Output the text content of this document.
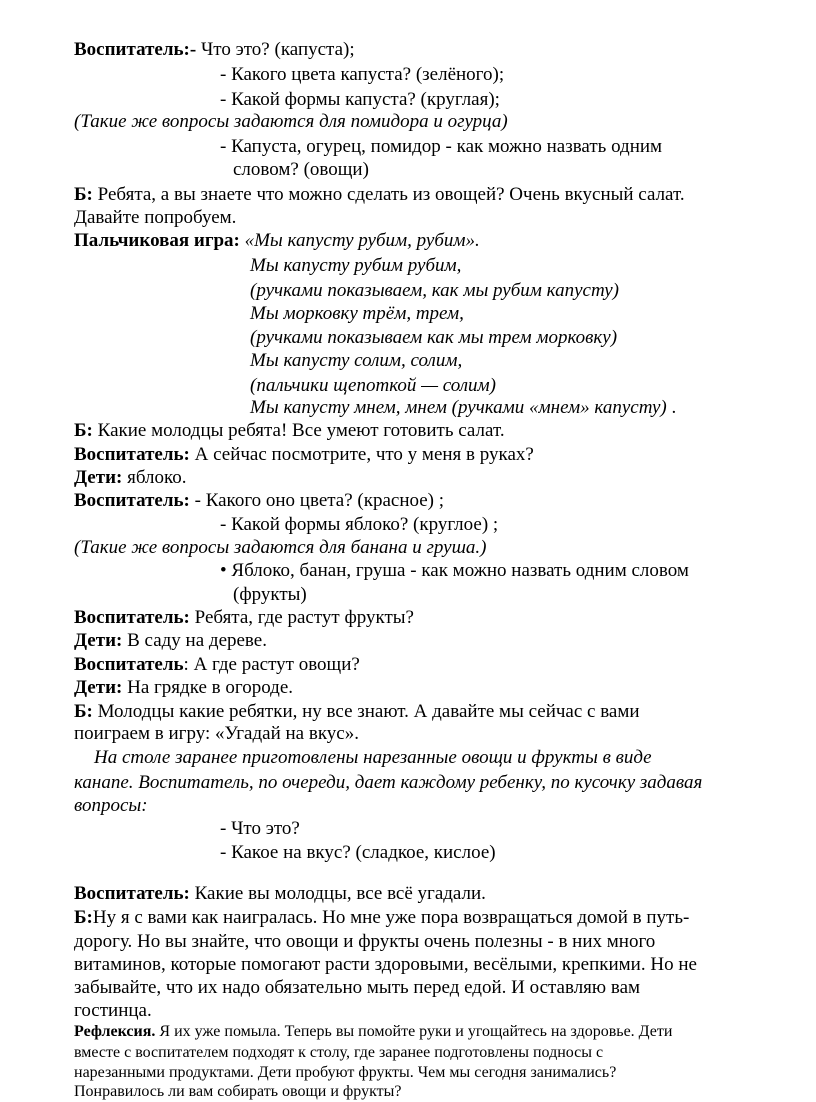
Воспитатель:- Что это? (капуста);
- Какого цвета капуста? (зелёного);
- Какой формы капуста? (круглая);
(Такие же вопросы задаются для помидора и огурца)
- Капуста, огурец, помидор - как можно назвать одним
словом? (овощи)
Б: Ребята, а вы знаете что можно сделать из овощей? Очень вкусный салат.
Давайте попробуем.
Пальчиковая игра: «Мы капусту рубим, рубим».
Мы капусту рубим рубим,
(ручками показываем, как мы рубим капусту)
Мы морковку трём, трем,
(ручками показываем как мы трем морковку)
Мы капусту солим, солим,
(пальчики щепоткой — солим)
Мы капусту мнем, мнем (ручками «мнем» капусту) .
Б: Какие молодцы ребята! Все умеют готовить салат.
Воспитатель: А сейчас посмотрите, что у меня в руках?
Дети: яблоко.
Воспитатель: - Какого оно цвета? (красное) ;
- Какой формы яблоко? (круглое) ;
(Такие же вопросы задаются для банана и груша.)
• Яблоко, банан, груша - как можно назвать одним словом
(фрукты)
Воспитатель: Ребята, где растут фрукты?
Дети: В саду на дереве.
Воспитатель: А где растут овощи?
Дети: На грядке в огороде.
Б: Молодцы какие ребятки, ну все знают. А давайте мы сейчас с вами
поиграем в игру: «Угадай на вкус».
На столе заранее приготовлены нарезанные овощи и фрукты в виде
канапе. Воспитатель, по очереди, дает каждому ребенку, по кусочку задавая
вопросы:
- Что это?
- Какое на вкус? (сладкое, кислое)
Воспитатель: Какие вы молодцы, все всё угадали.
Б:Ну я с вами как наигралась. Но мне уже пора возвращаться домой в путь-
дорогу. Но вы знайте, что овощи и фрукты очень полезны - в них много
витаминов, которые помогают расти здоровыми, весёлыми, крепкими. Но не
забывайте, что их надо обязательно мыть перед едой. И оставляю вам
гостинца.
Рефлексия. Я их уже помыла. Теперь вы помойте руки и угощайтесь на здоровье. Дети
вместе с воспитателем подходят к столу, где заранее подготовлены подносы с
нарезанными продуктами. Дети пробуют фрукты. Чем мы сегодня занимались?
Понравилось ли вам собирать овощи и фрукты?
